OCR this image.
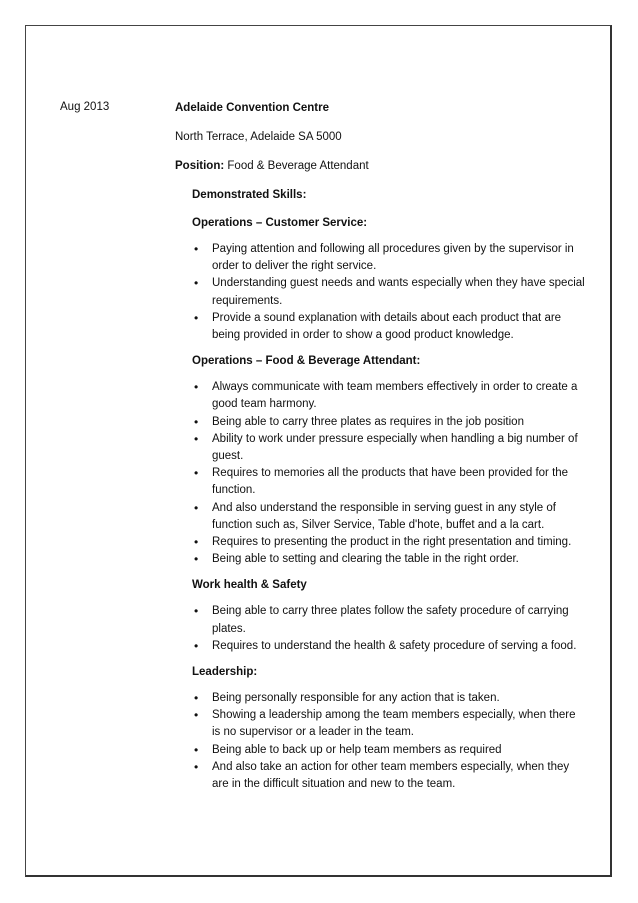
Aug 2013	Adelaide Convention Centre
North Terrace, Adelaide SA 5000
Position: Food & Beverage Attendant
Demonstrated Skills:
Operations – Customer Service:
• Paying attention and following all procedures given by the supervisor in order to deliver the right service.
• Understanding guest needs and wants especially when they have special requirements.
• Provide a sound explanation with details about each product that are being provided in order to show a good product knowledge.
Operations – Food & Beverage Attendant:
• Always communicate with team members effectively in order to create a good team harmony.
• Being able to carry three plates as requires in the job position
• Ability to work under pressure especially when handling a big number of guest.
• Requires to memories all the products that have been provided for the function.
• And also understand the responsible in serving guest in any style of function such as, Silver Service, Table d'hote, buffet and a la cart.
• Requires to presenting the product in the right presentation and timing.
• Being able to setting and clearing the table in the right order.
Work health & Safety
• Being able to carry three plates follow the safety procedure of carrying plates.
• Requires to understand the health & safety procedure of serving a food.
Leadership:
• Being personally responsible for any action that is taken.
• Showing a leadership among the team members especially, when there is no supervisor or a leader in the team.
• Being able to back up or help team members as required
• And also take an action for other team members especially, when they are in the difficult situation and new to the team.
